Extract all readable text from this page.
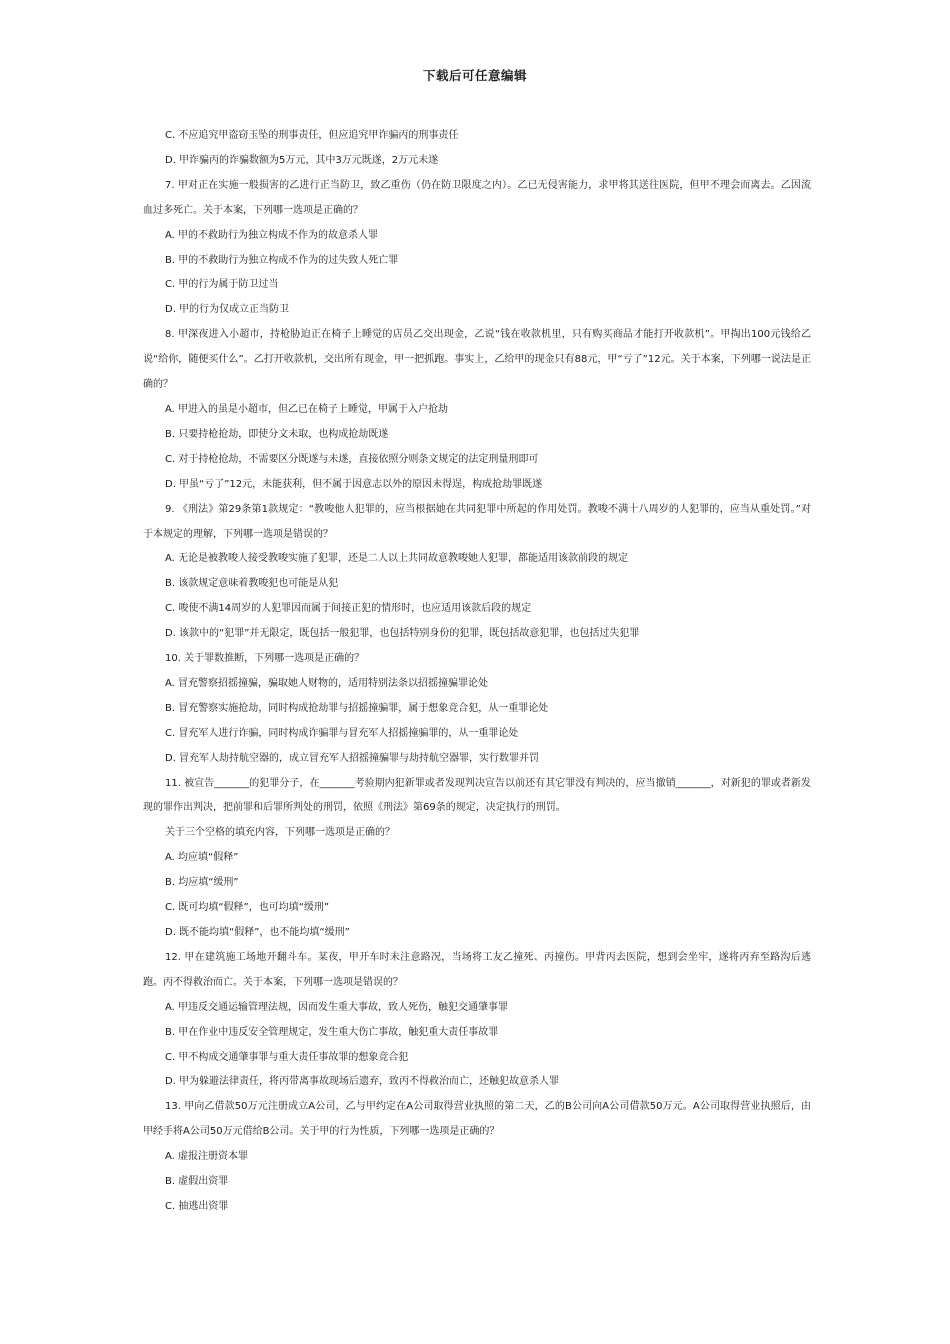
下载后可任意编辑

C. 不应追究甲盗窃玉坠的刑事责任，但应追究甲诈骗丙的刑事责任

D. 甲诈骗丙的诈骗数额为5万元，其中3万元既遂，2万元未遂

7. 甲对正在实施一般损害的乙进行正当防卫，致乙重伤（仍在防卫限度之内）。乙已无侵害能力，求甲将其送往医院，但甲不理会而离去。乙因流血过多死亡。关于本案，下列哪一选项是正确的？

A. 甲的不救助行为独立构成不作为的故意杀人罪

B. 甲的不救助行为独立构成不作为的过失致人死亡罪

C. 甲的行为属于防卫过当

D. 甲的行为仅成立正当防卫

8. 甲深夜进入小超市，持枪胁迫正在椅子上睡觉的店员乙交出现金，乙说“钱在收款机里，只有购买商品才能打开收款机”。甲掏出100元钱给乙说“给你，随便买什么”。乙打开收款机，交出所有现金，甲一把抓跑。事实上，乙给甲的现金只有88元，甲“亏了”12元。关于本案，下列哪一说法是正确的？

A. 甲进入的虽是小超市，但乙已在椅子上睡觉，甲属于入户抢劫

B. 只要持枪抢劫，即使分文未取，也构成抢劫既遂

C. 对于持枪抢劫，不需要区分既遂与未遂，直接依照分则条文规定的法定刑量刑即可

D. 甲虽“亏了”12元，未能获利，但不属于因意志以外的原因未得逞，构成抢劫罪既遂

9. 《刑法》第29条第1款规定：“教唆他人犯罪的，应当根据她在共同犯罪中所起的作用处罚。教唆不满十八周岁的人犯罪的，应当从重处罚。”对于本规定的理解，下列哪一选项是错误的？

A. 无论是被教唆人接受教唆实施了犯罪，还是二人以上共同故意教唆她人犯罪，都能适用该款前段的规定

B. 该款规定意味着教唆犯也可能是从犯

C. 唆使不满14周岁的人犯罪因而属于间接正犯的情形时，也应适用该款后段的规定

D. 该款中的“犯罪”并无限定，既包括一般犯罪，也包括特别身份的犯罪，既包括故意犯罪，也包括过失犯罪

10. 关于罪数推断，下列哪一选项是正确的？

A. 冒充警察招摇撞骗，骗取她人财物的，适用特别法条以招摇撞骗罪论处

B. 冒充警察实施抢劫，同时构成抢劫罪与招摇撞骗罪，属于想象竞合犯，从一重罪论处

C. 冒充军人进行诈骗，同时构成诈骗罪与冒充军人招摇撞骗罪的，从一重罪论处

D. 冒充军人劫持航空器的，成立冒充军人招摇撞骗罪与劫持航空器罪，实行数罪并罚

11. 被宣告_______的犯罪分子，在_______考验期内犯新罪或者发现判决宣告以前还有其它罪没有判决的，应当撤销_______，对新犯的罪或者新发现的罪作出判决，把前罪和后罪所判处的刑罚，依照《刑法》第69条的规定，决定执行的刑罚。

关于三个空格的填充内容，下列哪一选项是正确的？

A. 均应填“假释”

B. 均应填“缓刑”

C. 既可均填“假释”，也可均填“缓刑”

D. 既不能均填“假释”，也不能均填“缓刑”

12. 甲在建筑施工场地开翻斗车。某夜，甲开车时未注意路况，当场将工友乙撞死、丙撞伤。甲背丙去医院，想到会坐牢，遂将丙弃至路沟后逃跑。丙不得救治而亡。关于本案，下列哪一选项是错误的？

A. 甲违反交通运输管理法规，因而发生重大事故，致人死伤，触犯交通肇事罪

B. 甲在作业中违反安全管理规定，发生重大伤亡事故，触犯重大责任事故罪

C. 甲不构成交通肇事罪与重大责任事故罪的想象竞合犯

D. 甲为躲避法律责任，将丙带离事故现场后遗弃，致丙不得救治而亡，还触犯故意杀人罪

13. 甲向乙借款50万元注册成立A公司，乙与甲约定在A公司取得营业执照的第二天，乙的B公司向A公司借款50万元。A公司取得营业执照后，由甲经手将A公司50万元借给B公司。关于甲的行为性质，下列哪一选项是正确的？

A. 虚报注册资本罪

B. 虚假出资罪

C. 抽逃出资罪
